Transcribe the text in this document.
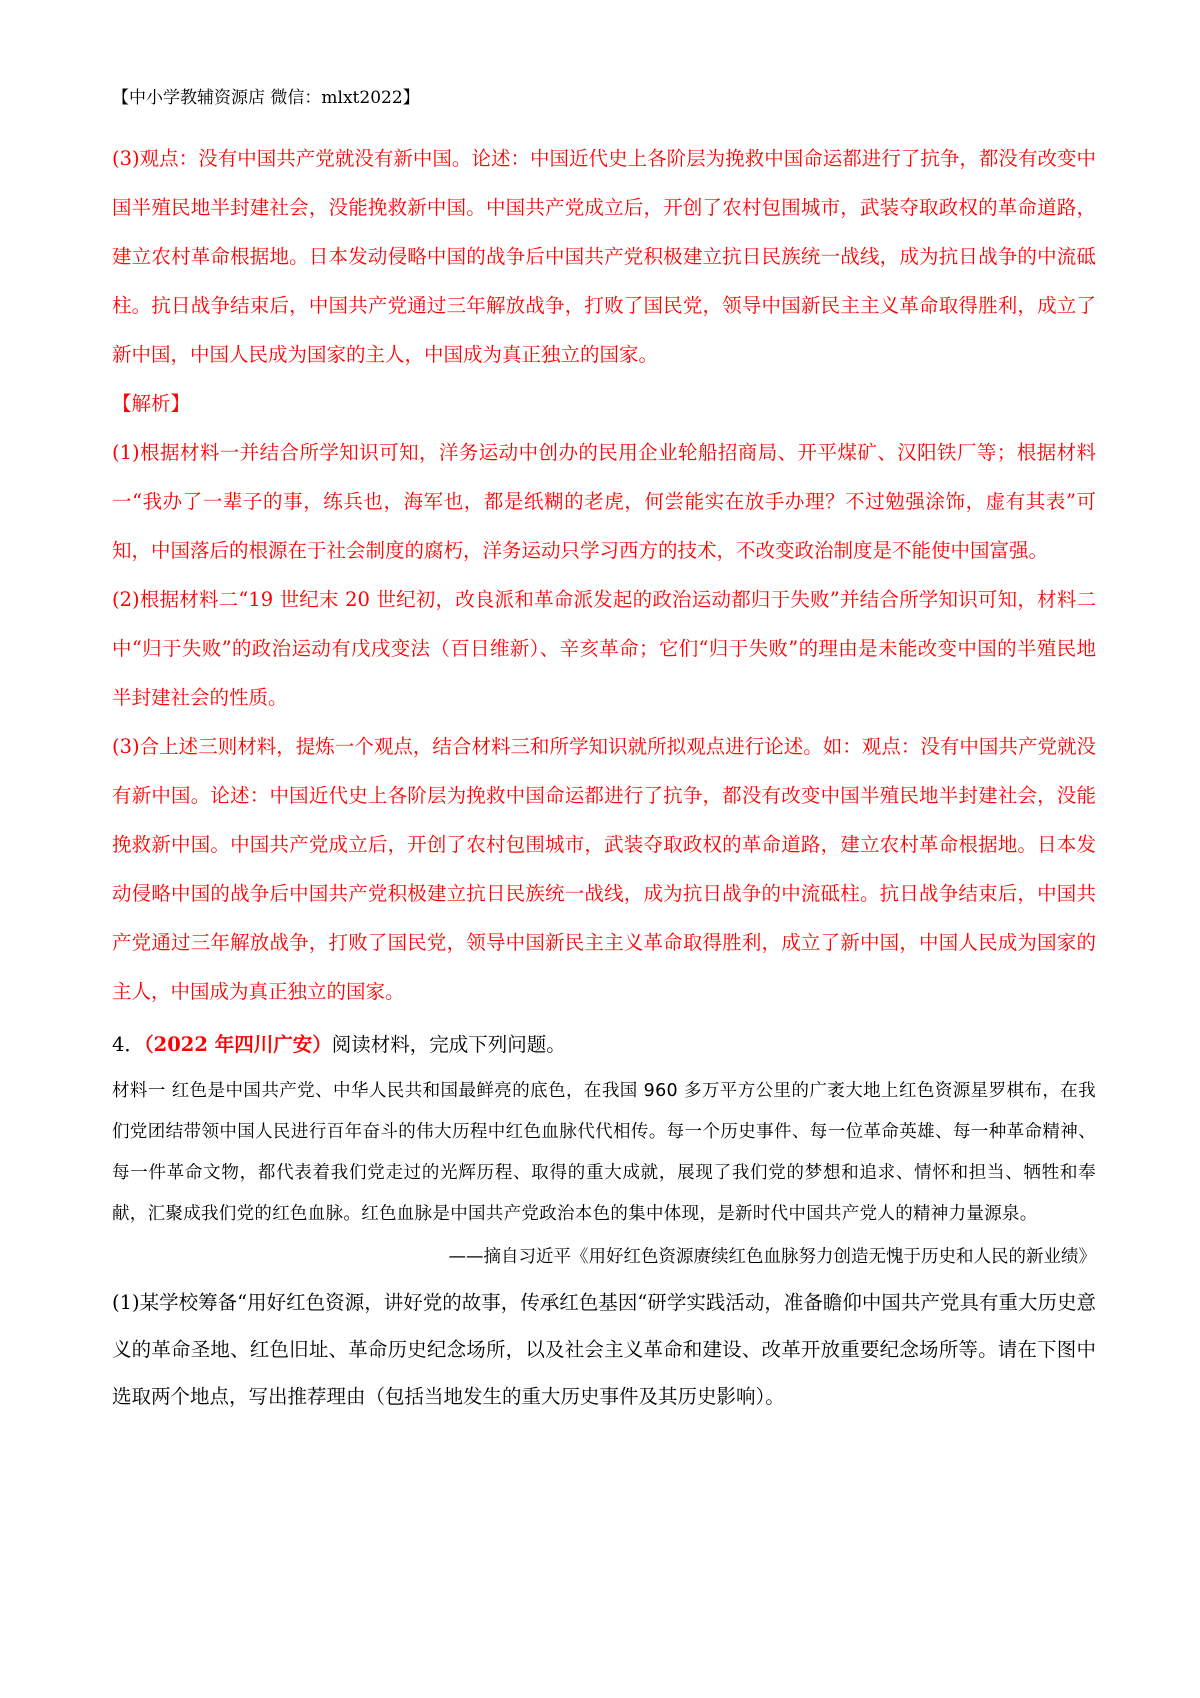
【中小学教辅资源店 微信：mlxt2022】

(3)观点：没有中国共产党就没有新中国。论述：中国近代史上各阶层为挽救中国命运都进行了抗争，都没有改变中国半殖民地半封建社会，没能挽救新中国。中国共产党成立后，开创了农村包围城市，武装夺取政权的革命道路，建立农村革命根据地。日本发动侵略中国的战争后中国共产党积极建立抗日民族统一战线，成为抗日战争的中流砥柱。抗日战争结束后，中国共产党通过三年解放战争，打败了国民党，领导中国新民主主义革命取得胜利，成立了新中国，中国人民成为国家的主人，中国成为真正独立的国家。

【解析】

(1)根据材料一并结合所学知识可知，洋务运动中创办的民用企业轮船招商局、开平煤矿、汉阳铁厂等；根据材料一“我办了一辈子的事，练兵也，海军也，都是纸糊的老虎，何尝能实在放手办理？不过勉强涂饰，虚有其表”可知，中国落后的根源在于社会制度的腐朽，洋务运动只学习西方的技术，不改变政治制度是不能使中国富强。

(2)根据材料二“19 世纪末 20 世纪初，改良派和革命派发起的政治运动都归于失败”并结合所学知识可知，材料二中“归于失败”的政治运动有戊戌变法（百日维新）、辛亥革命；它们“归于失败”的理由是未能改变中国的半殖民地半封建社会的性质。

(3)合上述三则材料，提炼一个观点，结合材料三和所学知识就所拟观点进行论述。如：观点：没有中国共产党就没有新中国。论述：中国近代史上各阶层为挽救中国命运都进行了抗争，都没有改变中国半殖民地半封建社会，没能挽救新中国。中国共产党成立后，开创了农村包围城市，武装夺取政权的革命道路，建立农村革命根据地。日本发动侵略中国的战争后中国共产党积极建立抗日民族统一战线，成为抗日战争的中流砥柱。抗日战争结束后，中国共产党通过三年解放战争，打败了国民党，领导中国新民主主义革命取得胜利，成立了新中国，中国人民成为国家的主人，中国成为真正独立的国家。

4．（2022 年四川广安）阅读材料，完成下列问题。

材料一 红色是中国共产党、中华人民共和国最鲜亮的底色，在我国 960 多万平方公里的广袤大地上红色资源星罗棋布，在我们党团结带领中国人民进行百年奋斗的伟大历程中红色血脉代代相传。每一个历史事件、每一位革命英雄、每一种革命精神、每一件革命文物，都代表着我们党走过的光辉历程、取得的重大成就，展现了我们党的梦想和追求、情怀和担当、牺牲和奉献，汇聚成我们党的红色血脉。红色血脉是中国共产党政治本色的集中体现，是新时代中国共产党人的精神力量源泉。

——摘自习近平《用好红色资源赓续红色血脉努力创造无愧于历史和人民的新业绩》

(1)某学校筹备“用好红色资源，讲好党的故事，传承红色基因“研学实践活动，准备瞻仰中国共产党具有重大历史意义的革命圣地、红色旧址、革命历史纪念场所，以及社会主义革命和建设、改革开放重要纪念场所等。请在下图中选取两个地点，写出推荐理由（包括当地发生的重大历史事件及其历史影响）。
